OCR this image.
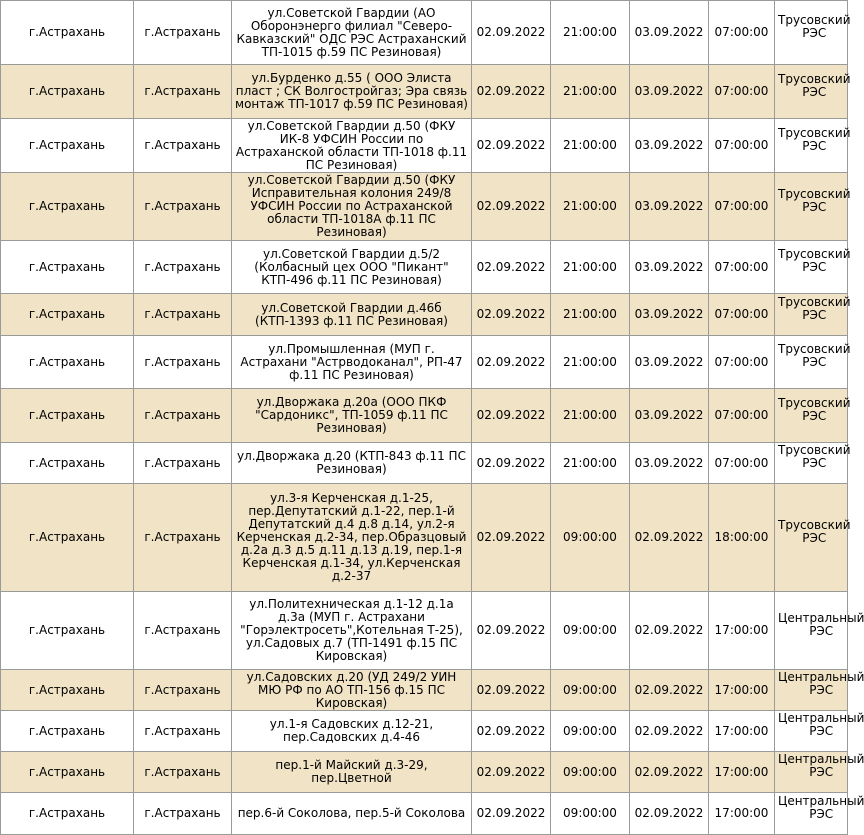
г.Астрахань	г.Астрахань	ул.Советской Гвардии (АО Оборонэнерго филиал "Северо-Кавказский" ОДС РЭС Астраханский ТП-1015 ф.59 ПС Резиновая)	02.09.2022	21:00:00	03.09.2022	07:00:00	Трусовский РЭС
г.Астрахань	г.Астрахань	ул.Бурденко д.55 ( ООО Элиста пласт ; СК Волгострoйгаз; Эра связь монтаж ТП-1017 ф.59 ПС Резиновая)	02.09.2022	21:00:00	03.09.2022	07:00:00	Трусовский РЭС
г.Астрахань	г.Астрахань	ул.Советской Гвардии д.50 (ФКУ ИК-8 УФСИН России по Астраханской области ТП-1018 ф.11 ПС Резиновая)	02.09.2022	21:00:00	03.09.2022	07:00:00	Трусовский РЭС
г.Астрахань	г.Астрахань	ул.Советской Гвардии д.50 (ФКУ Исправительная колония 249/8 УФСИН России по Астраханской области ТП-1018А ф.11 ПС Резиновая)	02.09.2022	21:00:00	03.09.2022	07:00:00	Трусовский РЭС
г.Астрахань	г.Астрахань	ул.Советской Гвардии д.5/2 (Колбасный цех ООО "Пикант" КТП-496 ф.11 ПС Резиновая)	02.09.2022	21:00:00	03.09.2022	07:00:00	Трусовский РЭС
г.Астрахань	г.Астрахань	ул.Советской Гвардии д.46б (КТП-1393 ф.11 ПС Резиновая)	02.09.2022	21:00:00	03.09.2022	07:00:00	Трусовский РЭС
г.Астрахань	г.Астрахань	ул.Промышленная (МУП г. Астрахани "Астрводоканал", РП-47 ф.11 ПС Резиновая)	02.09.2022	21:00:00	03.09.2022	07:00:00	Трусовский РЭС
г.Астрахань	г.Астрахань	ул.Дворжака д.20а (ООО ПКФ "Сардоникс", ТП-1059 ф.11 ПС Резиновая)	02.09.2022	21:00:00	03.09.2022	07:00:00	Трусовский РЭС
г.Астрахань	г.Астрахань	ул.Дворжака д.20 (КТП-843 ф.11 ПС Резиновая)	02.09.2022	21:00:00	03.09.2022	07:00:00	Трусовский РЭС
г.Астрахань	г.Астрахань	ул.3-я Керченская д.1-25, пер.Депутатский д.1-22, пер.1-й Депутатский д.4 д.8 д.14, ул.2-я Керченская д.2-34, пер.Образцовый д.2а д.3 д.5 д.11 д.13 д.19, пер.1-я Керченская д.1-34, ул.Керченская д.2-37	02.09.2022	09:00:00	02.09.2022	18:00:00	Трусовский РЭС
г.Астрахань	г.Астрахань	ул.Политехническая д.1-12 д.1а д.3а (МУП г. Астрахани "Горэлектросеть",Котельная Т-25), ул.Садовых д.7 (ТП-1491 ф.15 ПС Кировская)	02.09.2022	09:00:00	02.09.2022	17:00:00	Центральный РЭС
г.Астрахань	г.Астрахань	ул.Садовских д.20 (УД 249/2 УИН МЮ РФ по АО ТП-156 ф.15 ПС Кировская)	02.09.2022	09:00:00	02.09.2022	17:00:00	Центральный РЭС
г.Астрахань	г.Астрахань	ул.1-я Садовских д.12-21, пер.Садовских д.4-46	02.09.2022	09:00:00	02.09.2022	17:00:00	Центральный РЭС
г.Астрахань	г.Астрахань	пер.1-й Майский д.3-29, пер.Цветной	02.09.2022	09:00:00	02.09.2022	17:00:00	Центральный РЭС
г.Астрахань	г.Астрахань	пер.6-й Соколова, пер.5-й Соколова	02.09.2022	09:00:00	02.09.2022	17:00:00	Центральный РЭС
